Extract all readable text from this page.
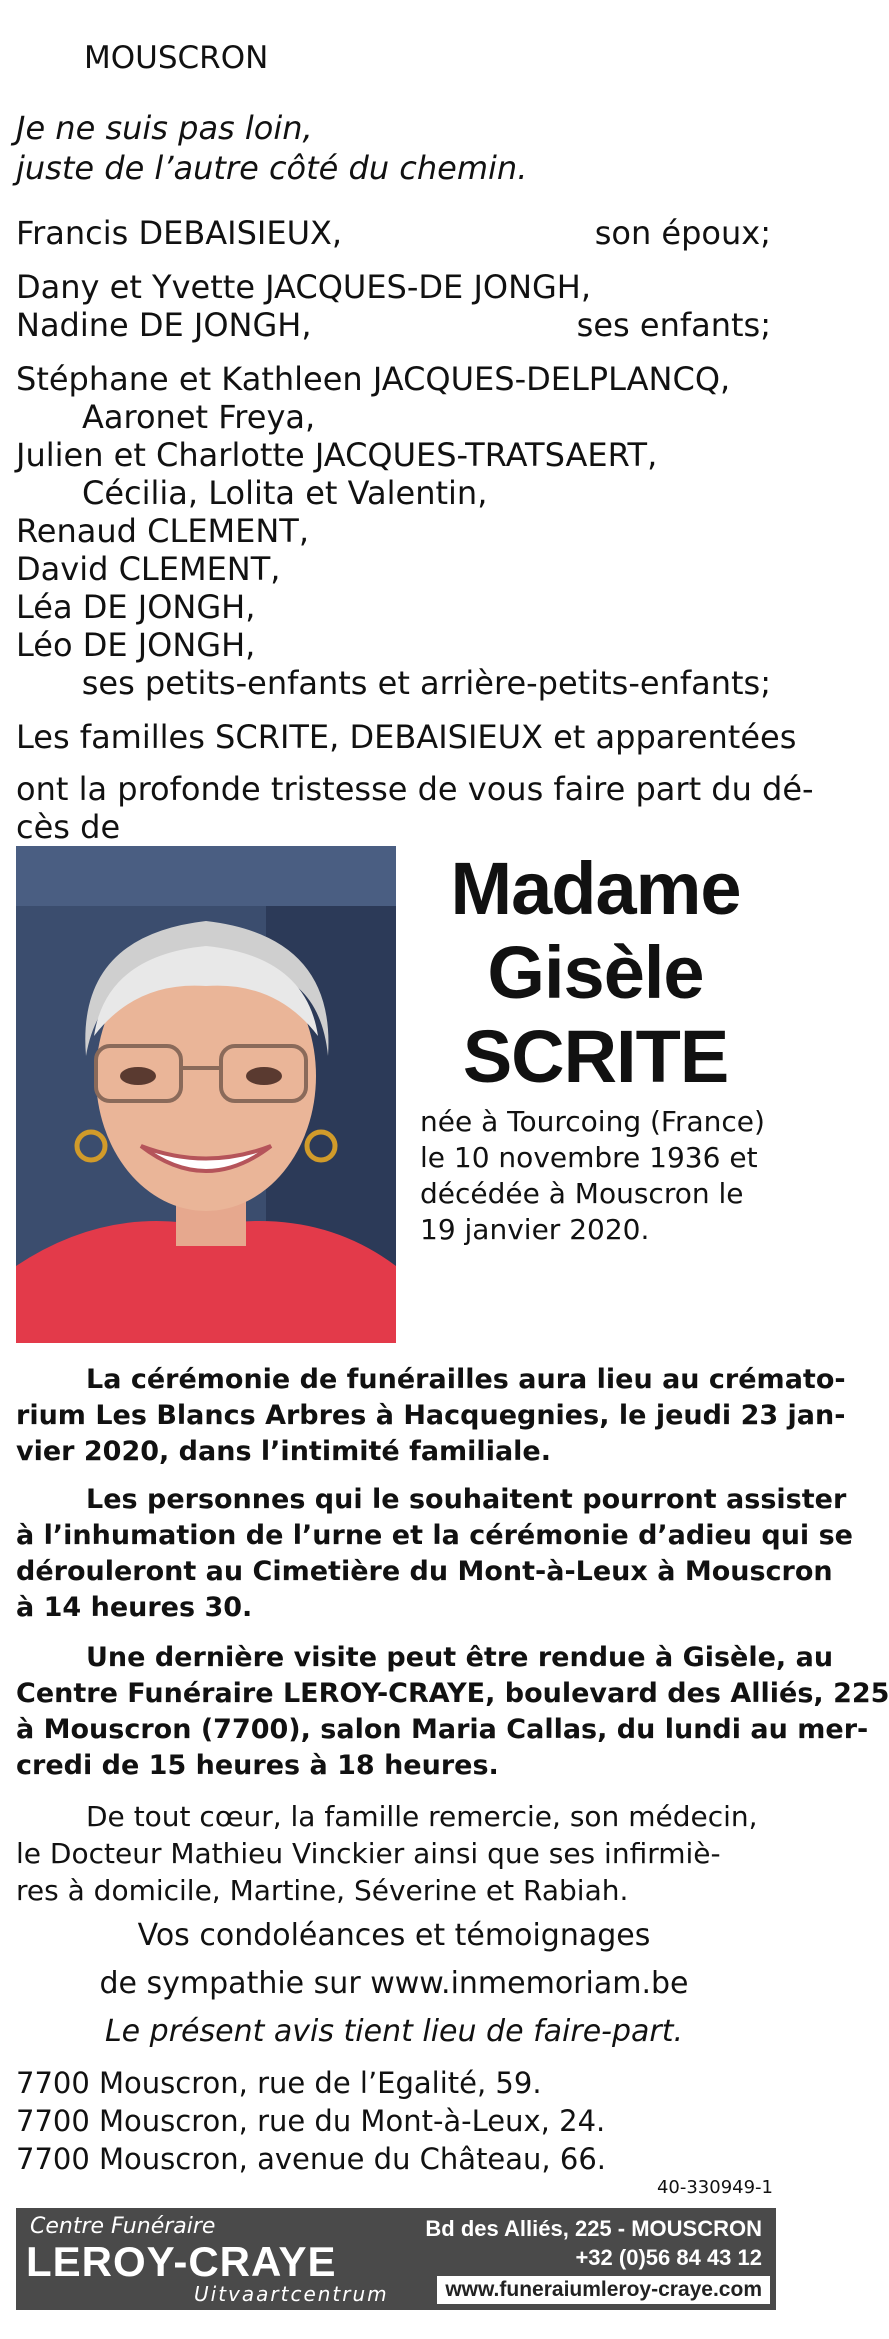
MOUSCRON
Je ne suis pas loin,
juste de l’autre côté du chemin.
Francis DEBAISIEUX,	son époux;
Dany et Yvette JACQUES-DE JONGH,
Nadine DE JONGH,	ses enfants;
Stéphane et Kathleen JACQUES-DELPLANCQ,
Aaronet Freya,
Julien et Charlotte JACQUES-TRATSAERT,
Cécilia, Lolita et Valentin,
Renaud CLEMENT,
David CLEMENT,
Léa DE JONGH,
Léo DE JONGH,
ses petits-enfants et arrière-petits-enfants;
Les familles SCRITE, DEBAISIEUX et apparentées
ont la profonde tristesse de vous faire part du dé-
cès de
Madame
Gisèle
SCRITE
née à Tourcoing (France)
le 10 novembre 1936 et
décédée à Mouscron le
19 janvier 2020.
La cérémonie de funérailles aura lieu au crémato-
rium Les Blancs Arbres à Hacquegnies, le jeudi 23 jan-
vier 2020, dans l’intimité familiale.
Les personnes qui le souhaitent pourront assister
à l’inhumation de l’urne et la cérémonie d’adieu qui se
dérouleront au Cimetière du Mont-à-Leux à Mouscron
à 14 heures 30.
Une dernière visite peut être rendue à Gisèle, au
Centre Funéraire LEROY-CRAYE, boulevard des Alliés, 225
à Mouscron (7700), salon Maria Callas, du lundi au mer-
credi de 15 heures à 18 heures.
De tout cœur, la famille remercie, son médecin,
le Docteur Mathieu Vinckier ainsi que ses infirmiè-
res à domicile, Martine, Séverine et Rabiah.
Vos condoléances et témoignages
de sympathie sur www.inmemoriam.be
Le présent avis tient lieu de faire-part.
7700 Mouscron, rue de l’Egalité, 59.
7700 Mouscron, rue du Mont-à-Leux, 24.
7700 Mouscron, avenue du Château, 66.
40-330949-1
Centre Funéraire
LEROY-CRAYE
Uitvaartcentrum
Bd des Alliés, 225 - MOUSCRON
+32 (0)56 84 43 12
www.funeraiumleroy-craye.com
